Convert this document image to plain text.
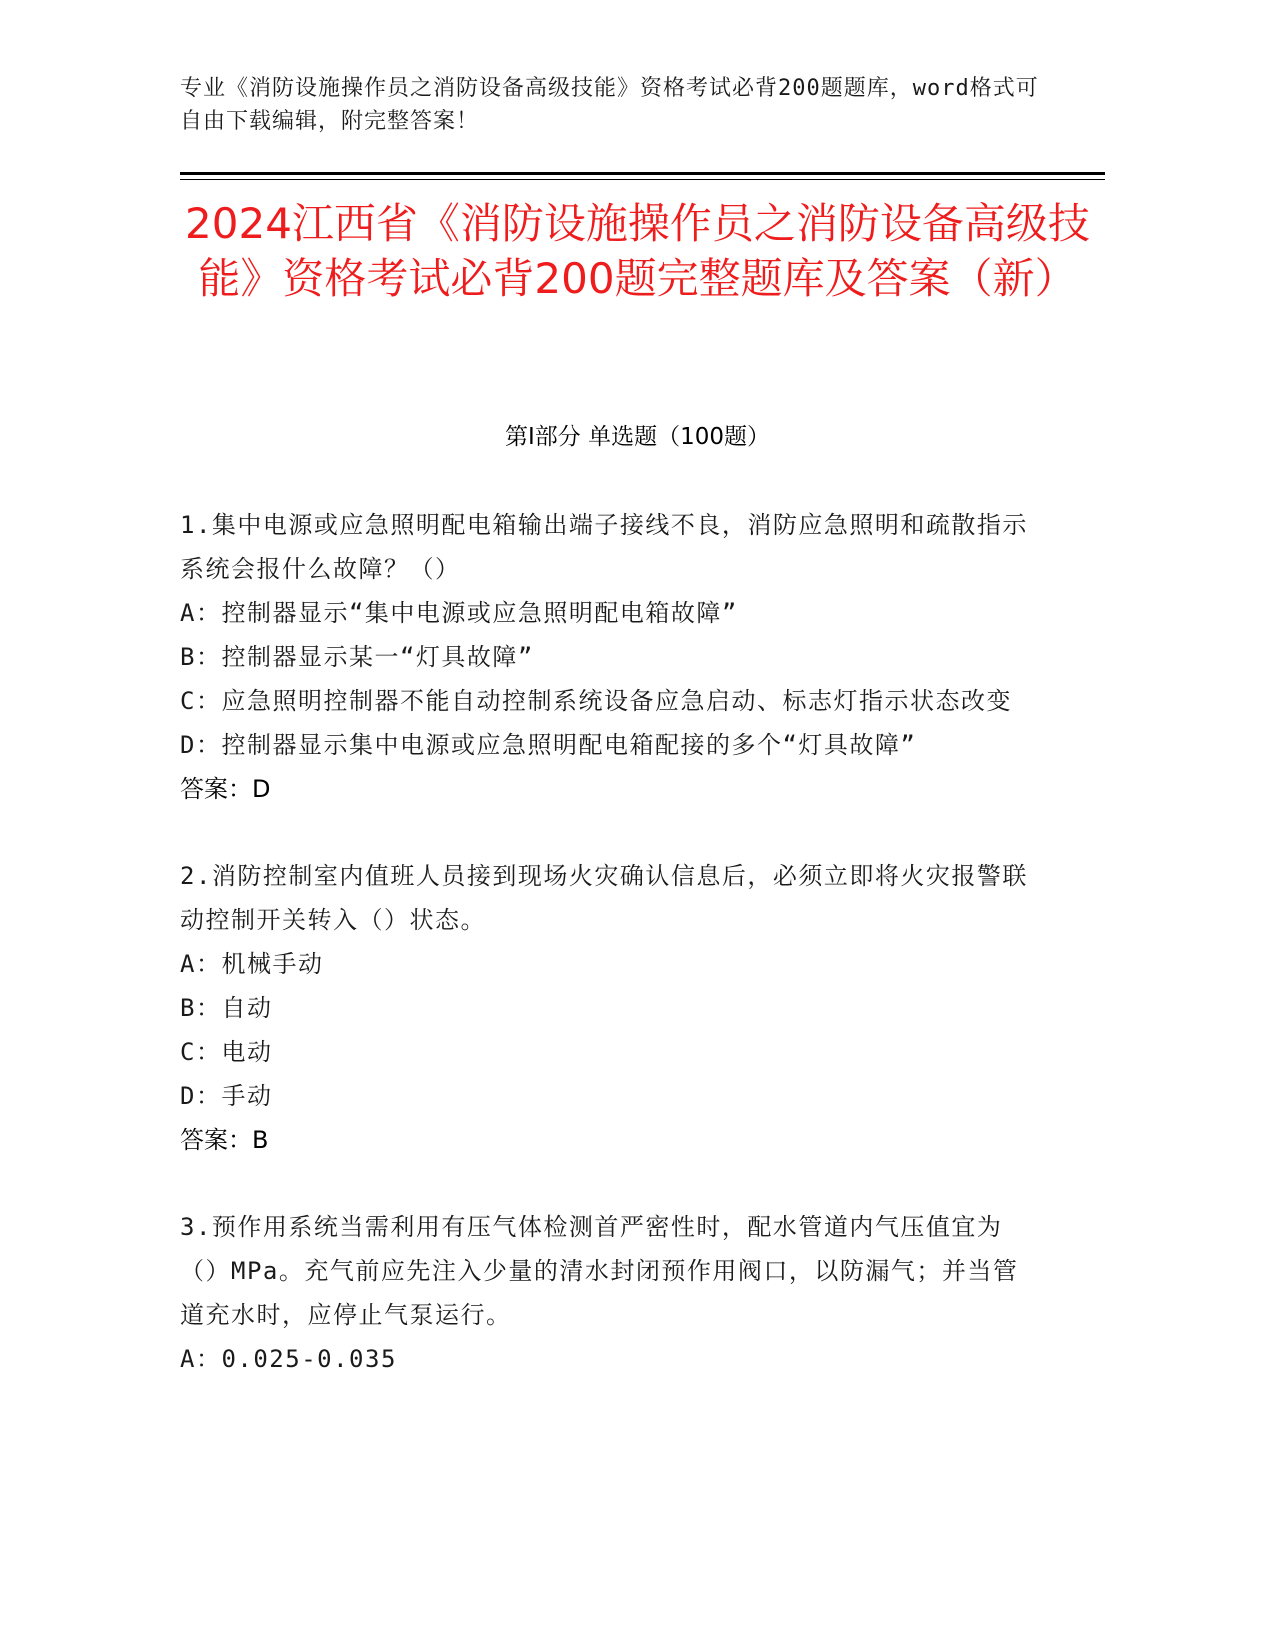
专业《消防设施操作员之消防设备高级技能》资格考试必背200题题库，word格式可自由下载编辑，附完整答案！
2024江西省《消防设施操作员之消防设备高级技能》资格考试必背200题完整题库及答案（新）
第Ⅰ部分 单选题（100题）

1.集中电源或应急照明配电箱输出端子接线不良，消防应急照明和疏散指示系统会报什么故障？（）

A：控制器显示“集中电源或应急照明配电箱故障”

B：控制器显示某一“灯具故障”

C：应急照明控制器不能自动控制系统设备应急启动、标志灯指示状态改变

D：控制器显示集中电源或应急照明配电箱配接的多个“灯具故障”

答案：D

2.消防控制室内值班人员接到现场火灾确认信息后，必须立即将火灾报警联动控制开关转入（）状态。

A：机械手动

B：自动

C：电动

D：手动

答案：B

3.预作用系统当需利用有压气体检测首严密性时，配水管道内气压值宜为（）MPa。充气前应先注入少量的清水封闭预作用阀口，以防漏气；并当管道充水时，应停止气泵运行。

A：0.025-0.035
